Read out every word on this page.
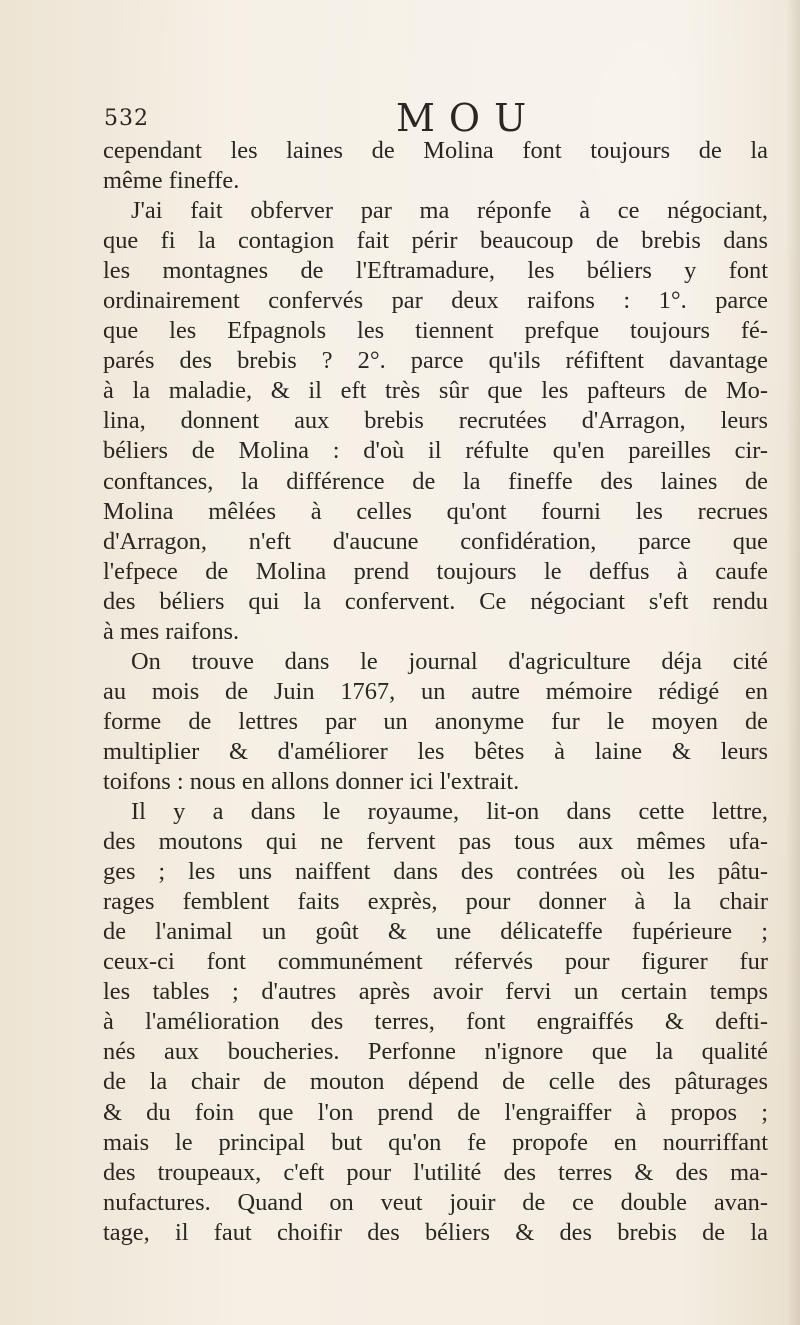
532	MOU
cependant les laines de Molina font toujours de la
même fineffe.
J'ai fait obferver par ma réponfe à ce négociant,
que fi la contagion fait périr beaucoup de brebis dans
les montagnes de l'Eftramadure, les béliers y font
ordinairement confervés par deux raifons : 1°. parce
que les Efpagnols les tiennent prefque toujours fé-
parés des brebis ? 2°. parce qu'ils réfiftent davantage
à la maladie, & il eft très sûr que les pafteurs de Mo-
lina, donnent aux brebis recrutées d'Arragon, leurs
béliers de Molina : d'où il réfulte qu'en pareilles cir-
conftances, la différence de la fineffe des laines de
Molina mêlées à celles qu'ont fourni les recrues
d'Arragon, n'eft d'aucune confidération, parce que
l'efpece de Molina prend toujours le deffus à caufe
des béliers qui la confervent. Ce négociant s'eft rendu
à mes raifons.
On trouve dans le journal d'agriculture déja cité
au mois de Juin 1767, un autre mémoire rédigé en
forme de lettres par un anonyme fur le moyen de
multiplier & d'améliorer les bêtes à laine & leurs
toifons : nous en allons donner ici l'extrait.
Il y a dans le royaume, lit-on dans cette lettre,
des moutons qui ne fervent pas tous aux mêmes ufa-
ges ; les uns naiffent dans des contrées où les pâtu-
rages femblent faits exprès, pour donner à la chair
de l'animal un goût & une délicateffe fupérieure ;
ceux-ci font communément réfervés pour figurer fur
les tables ; d'autres après avoir fervi un certain temps
à l'amélioration des terres, font engraiffés & defti-
nés aux boucheries. Perfonne n'ignore que la qualité
de la chair de mouton dépend de celle des pâturages
& du foin que l'on prend de l'engraiffer à propos ;
mais le principal but qu'on fe propofe en nourriffant
des troupeaux, c'eft pour l'utilité des terres & des ma-
nufactures. Quand on veut jouir de ce double avan-
tage, il faut choifir des béliers & des brebis de la
